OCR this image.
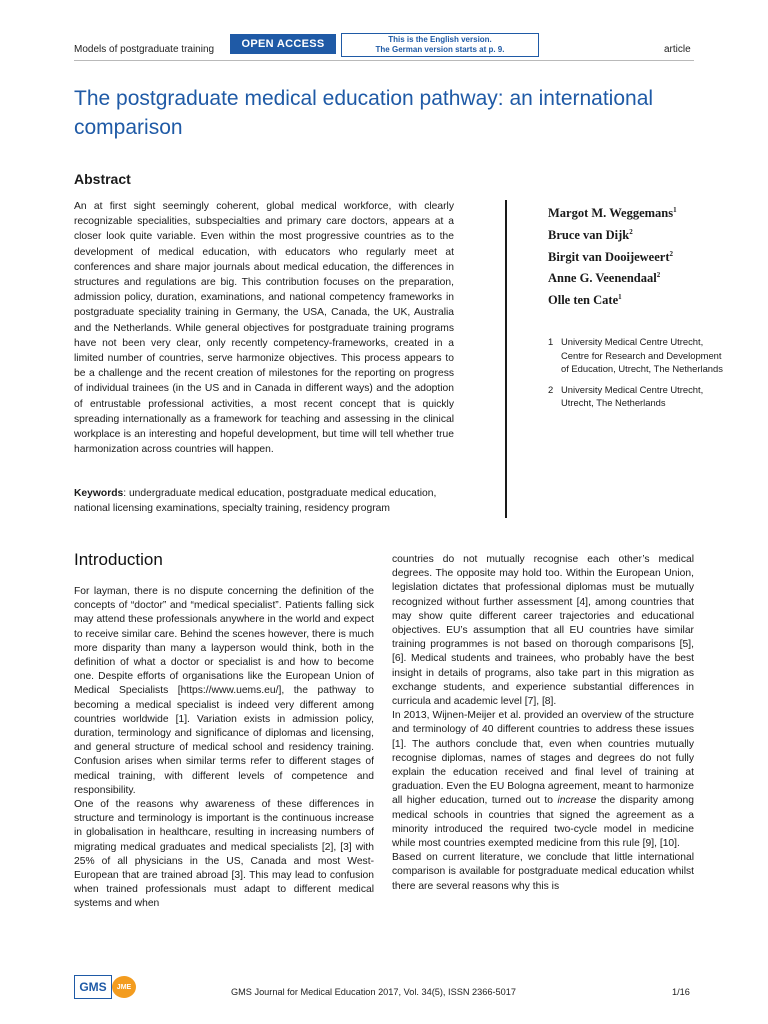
Models of postgraduate training	OPEN ACCESS	This is the English version.
The German version starts at p. 9.	article
The postgraduate medical education pathway: an international comparison
Abstract
An at first sight seemingly coherent, global medical workforce, with clearly recognizable specialities, subspecialties and primary care doctors, appears at a closer look quite variable. Even within the most progressive countries as to the development of medical education, with educators who regularly meet at conferences and share major journals about medical education, the differences in structures and regulations are big. This contribution focuses on the preparation, admission policy, duration, examinations, and national competency frameworks in postgraduate speciality training in Germany, the USA, Canada, the UK, Australia and the Netherlands. While general objectives for postgraduate training programs have not been very clear, only recently competency-frameworks, created in a limited number of countries, serve harmonize objectives. This process appears to be a challenge and the recent creation of milestones for the reporting on progress of individual trainees (in the US and in Canada in different ways) and the adoption of entrustable professional activities, a most recent concept that is quickly spreading internationally as a framework for teaching and assessing in the clinical workplace is an interesting and hopeful development, but time will tell whether true harmonization across countries will happen.
Keywords: undergraduate medical education, postgraduate medical education, national licensing examinations, specialty training, residency program
Margot M. Weggemans$^1$
Bruce van Dijk$^2$
Birgit van Dooijeweert$^2$
Anne G. Veenendaal$^2$
Olle ten Cate$^1$
1 University Medical Centre Utrecht, Centre for Research and Development of Education, Utrecht, The Netherlands
2 University Medical Centre Utrecht, Utrecht, The Netherlands
Introduction

For layman, there is no dispute concerning the definition of the concepts of “doctor” and “medical specialist”. Patients falling sick may attend these professionals anywhere in the world and expect to receive similar care. Behind the scenes however, there is much more disparity than many a layperson would think, both in the definition of what a doctor or specialist is and how to become one. Despite efforts of organisations like the European Union of Medical Specialists [https://www.uems.eu/], the pathway to becoming a medical specialist is indeed very different among countries worldwide [1]. Variation exists in admission policy, duration, terminology and significance of diplomas and licensing, and general structure of medical school and residency training. Confusion arises when similar terms refer to different stages of medical training, with different levels of competence and responsibility.

One of the reasons why awareness of these differences in structure and terminology is important is the continuous increase in globalisation in healthcare, resulting in increasing numbers of migrating medical graduates and medical specialists [2], [3] with 25% of all physicians in the US, Canada and most West-European that are trained abroad [3]. This may lead to confusion when trained professionals must adapt to different medical systems and when

countries do not mutually recognise each other’s medical degrees. The opposite may hold too. Within the European Union, legislation dictates that professional diplomas must be mutually recognized without further assessment [4], among countries that may show quite different career trajectories and educational objectives. EU’s assumption that all EU countries have similar training programmes is not based on thorough comparisons [5], [6]. Medical students and trainees, who probably have the best insight in details of programs, also take part in this migration as exchange students, and experience substantial differences in curricula and academic level [7], [8].

In 2013, Wijnen-Meijer et al. provided an overview of the structure and terminology of 40 different countries to address these issues [1]. The authors conclude that, even when countries mutually recognise diplomas, names of stages and degrees do not fully explain the education received and final level of training at graduation. Even the EU Bologna agreement, meant to harmonize all higher education, turned out to increase the disparity among medical schools in countries that signed the agreement as a minority introduced the required two-cycle model in medicine while most countries exempted medicine from this rule [9], [10].

Based on current literature, we conclude that little international comparison is available for postgraduate medical education whilst there are several reasons why this is

GMS	JME	GMS Journal for Medical Education 2017, Vol. 34(5), ISSN 2366-5017	1/16
